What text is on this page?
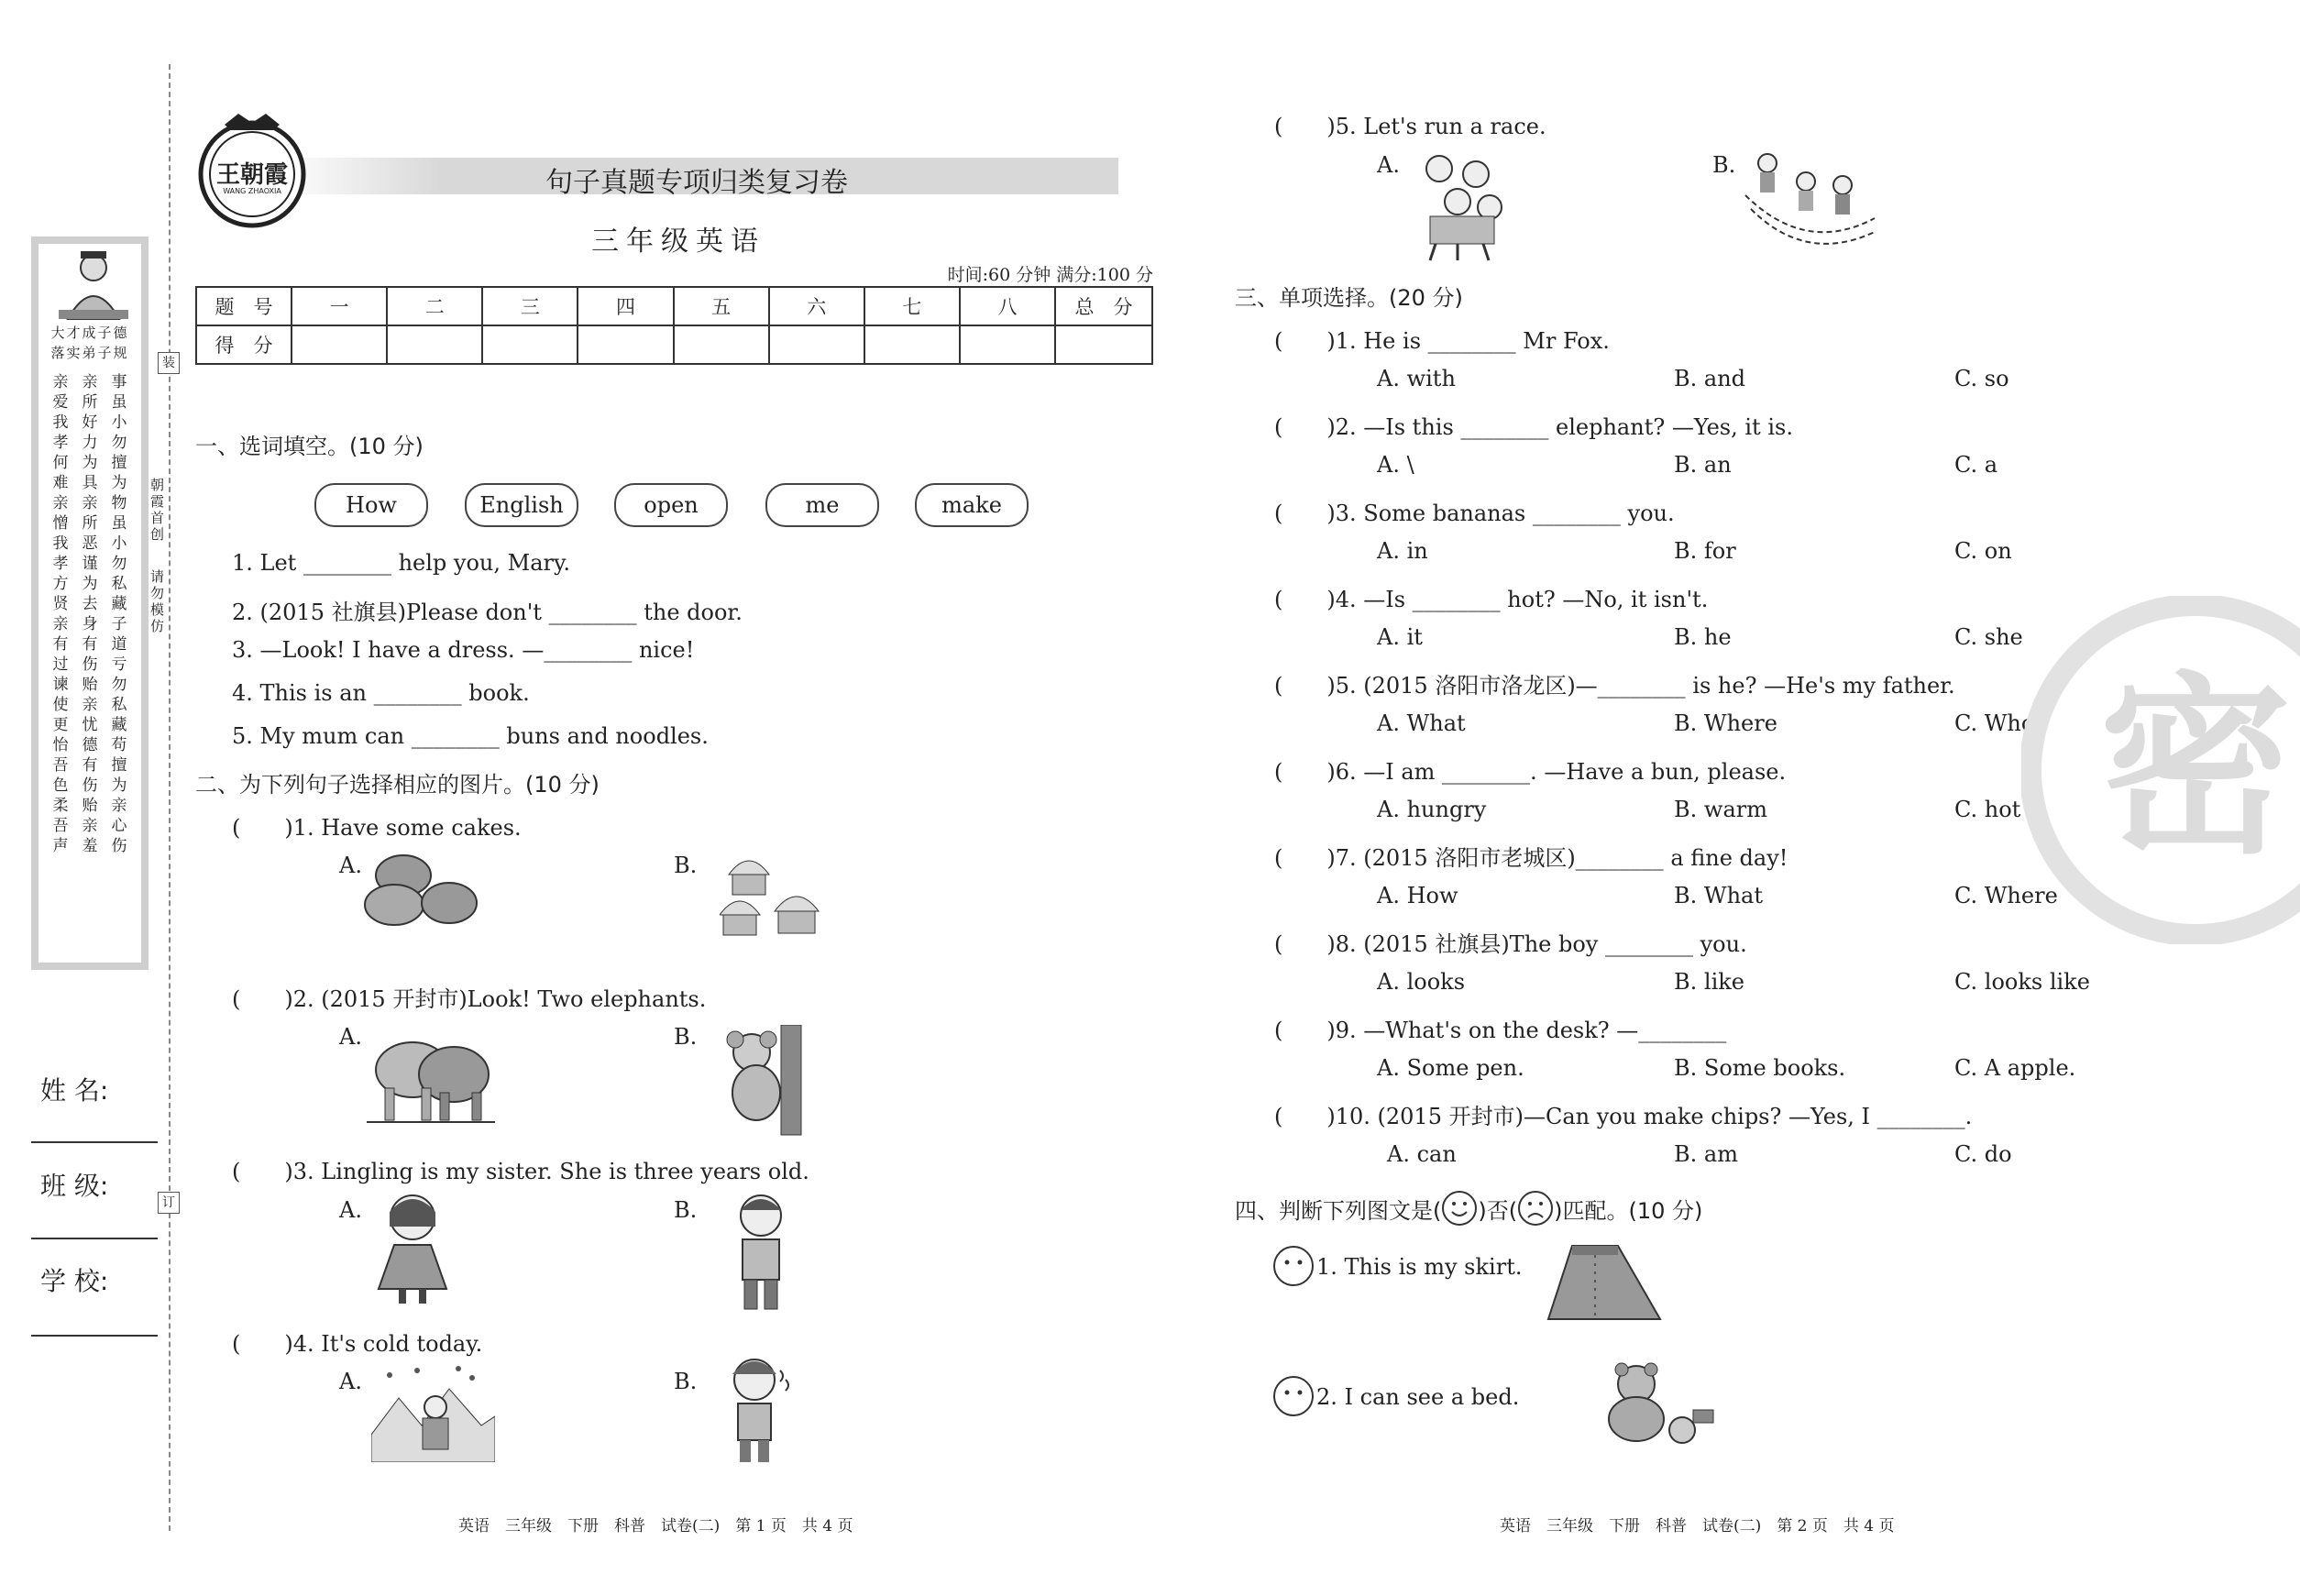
大才成子德
落实弟子规
亲爱我孝何难亲憎我孝方贤亲有过谏使更怡吾色柔吾声
亲所好力为具亲所恶谨为去身有伤贻亲忧德有伤贻亲羞
事虽小勿擅为物虽小勿私藏子道亏勿私藏苟擅为亲心伤
姓 名:
班 级:
学 校:
朝霞首创
请勿模仿
装
订
王朝霞
WANG ZHAOXIA	句子真题专项归类复习卷
三年级英语
时间:60 分钟 满分:100 分
题　号	一	二	三	四	五	六	七	八	总　分
得　分									
一、选词填空。(10 分)
How	English	open	me	make
1. Let ________ help you, Mary.
2. (2015 社旗县)Please don't ________ the door.
3. —Look! I have a dress. —________ nice!
4. This is an ________ book.
5. My mum can ________ buns and noodles.
二、为下列句子选择相应的图片。(10 分)
(　　)1. Have some cakes.
A.	B.
(　　)2. (2015 开封市)Look! Two elephants.
A.	B.
(　　)3. Lingling is my sister. She is three years old.
A.	B.
(　　)4. It's cold today.
A.	B.
(　　)5. Let's run a race.
A.	B.
三、单项选择。(20 分)
(　　)1. He is ________ Mr Fox.
A. with	B. and	C. so
(　　)2. —Is this ________ elephant? —Yes, it is.
A. \	B. an	C. a
(　　)3. Some bananas ________ you.
A. in	B. for	C. on
(　　)4. —Is ________ hot? —No, it isn't.
A. it	B. he	C. she
(　　)5. (2015 洛阳市洛龙区)—________ is he? —He's my father.
A. What	B. Where	C. Who
(　　)6. —I am ________. —Have a bun, please.
A. hungry	B. warm	C. hot
(　　)7. (2015 洛阳市老城区)________ a fine day!
A. How	B. What	C. Where
(　　)8. (2015 社旗县)The boy ________ you.
A. looks	B. like	C. looks like
(　　)9. —What's on the desk? —________
A. Some pen.	B. Some books.	C. A apple.
(　　)10. (2015 开封市)—Can you make chips? —Yes, I ________.
A. can	B. am	C. do
四、判断下列图文是( )否( )匹配。(10 分)
1. This is my skirt.
2. I can see a bed.
密
英语　三年级　下册　科普　试卷(二)　第 1 页　共 4 页	英语　三年级　下册　科普　试卷(二)　第 2 页　共 4 页
